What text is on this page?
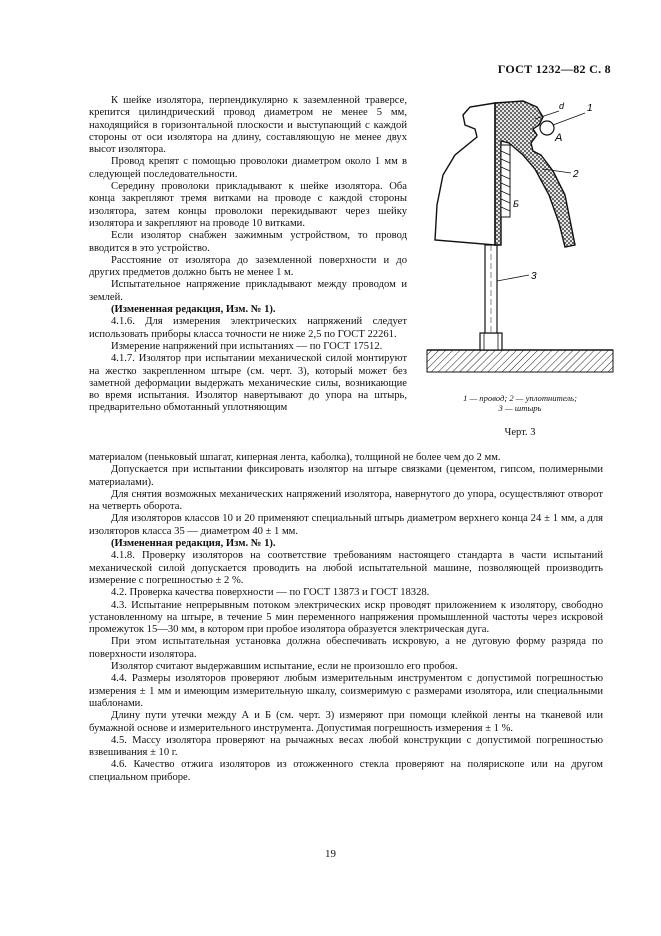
ГОСТ 1232—82 С. 8

К шейке изолятора, перпендикулярно к заземленной траверсе, крепится цилиндрический провод диаметром не менее 5 мм, находящийся в горизонтальной плоскости и выступающий с каждой стороны от оси изолятора на длину, составляющую не менее двух высот изолятора.

Провод крепят с помощью проволоки диаметром около 1 мм в следующей последовательности.

Середину проволоки прикладывают к шейке изолятора. Оба конца закрепляют тремя витками на проводе с каждой стороны изолятора, затем концы проволоки перекидывают через шейку изолятора и закрепляют на проводе 10 витками.

Если изолятор снабжен зажимным устройством, то провод вводится в это устройство.

Расстояние от изолятора до заземленной поверхности и до других предметов должно быть не менее 1 м.

Испытательное напряжение прикладывают между проводом и землей.

(Измененная редакция, Изм. № 1).

4.1.6. Для измерения электрических напряжений следует использовать приборы класса точности не ниже 2,5 по ГОСТ 22261.

Измерение напряжений при испытаниях — по ГОСТ 17512.

4.1.7. Изолятор при испытании механической силой монтируют на жестко закрепленном штыре (см. черт. 3), который может без заметной деформации выдержать механические силы, возникающие во время испытания. Изолятор навертывают до упора на штырь, предварительно обмотанный уплотняющим

материалом (пеньковый шпагат, киперная лента, каболка), толщиной не более чем до 2 мм.

Допускается при испытании фиксировать изолятор на штыре связками (цементом, гипсом, полимерными материалами).

Для снятия возможных механических напряжений изолятора, навернутого до упора, осуществляют отворот на четверть оборота.

Для изоляторов классов 10 и 20 применяют специальный штырь диаметром верхнего конца 24 ± 1 мм, а для изоляторов класса 35 — диаметром 40 ± 1 мм.

(Измененная редакция, Изм. № 1).

4.1.8. Проверку изоляторов на соответствие требованиям настоящего стандарта в части испытаний механической силой допускается проводить на любой испытательной машине, позволяющей производить измерение с погрешностью ± 2 %.

4.2. Проверка качества поверхности — по ГОСТ 13873 и ГОСТ 18328.

4.3. Испытание непрерывным потоком электрических искр проводят приложением к изолятору, свободно установленному на штыре, в течение 5 мин переменного напряжения промышленной частоты через искровой промежуток 15—30 мм, в котором при пробое изолятора образуется электрическая дуга.

При этом испытательная установка должна обеспечивать искровую, а не дуговую форму разряда по поверхности изолятора.

Изолятор считают выдержавшим испытание, если не произошло его пробоя.

4.4. Размеры изоляторов проверяют любым измерительным инструментом с допустимой погрешностью измерения ± 1 мм и имеющим измерительную шкалу, соизмеримую с размерами изолятора, или специальными шаблонами.

Длину пути утечки между А и Б (см. черт. 3) измеряют при помощи клейкой ленты на тканевой или бумажной основе и измерительного инструмента. Допустимая погрешность измерения ± 1 %.

4.5. Массу изолятора проверяют на рычажных весах любой конструкции с допустимой погрешностью взвешивания ± 10 г.

4.6. Качество отжига изоляторов из отожженного стекла проверяют на полярископе или на другом специальном приборе.

d 1
А
2
Б
3
1 — провод; 2 — уплотнитель;
3 — штырь
Черт. 3
19
